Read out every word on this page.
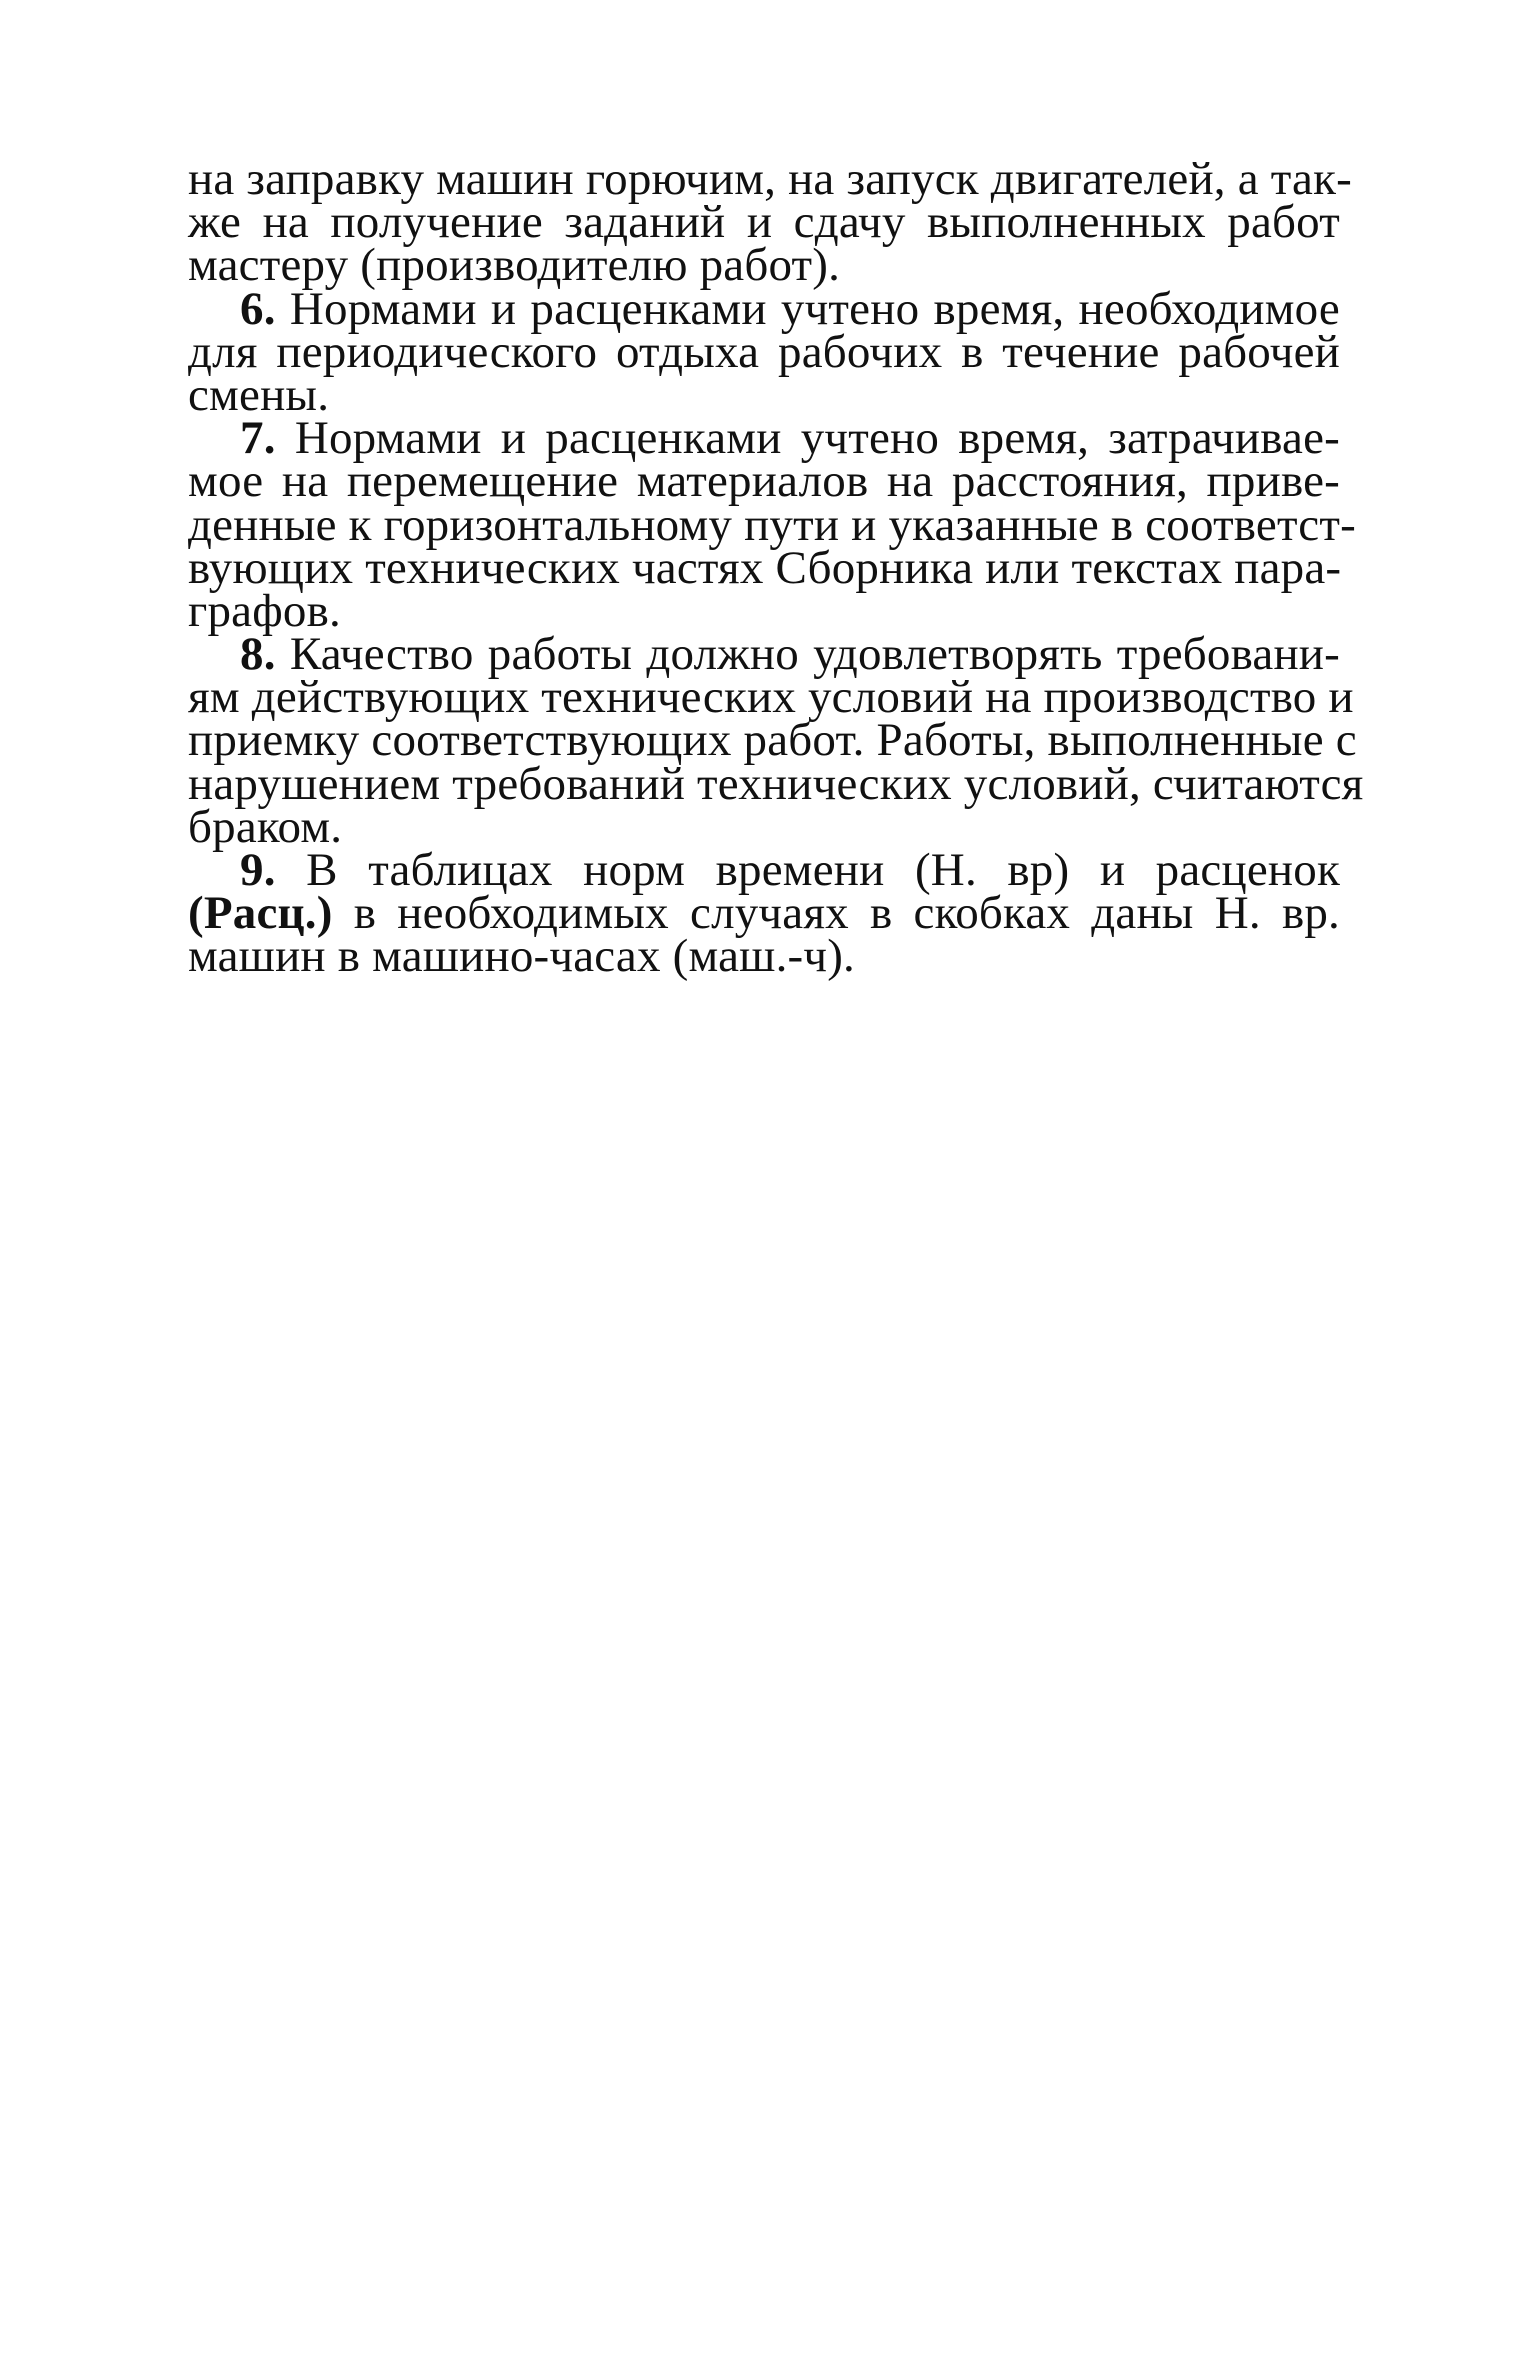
на заправку машин горючим, на запуск двигателей, а так-
же на получение заданий и сдачу выполненных работ
мастеру (производителю работ).
6. Нормами и расценками учтено время, необходимое
для периодического отдыха рабочих в течение рабочей
смены.
7. Нормами и расценками учтено время, затрачивае-
мое на перемещение материалов на расстояния, приве-
денные к горизонтальному пути и указанные в соответст-
вующих технических частях Сборника или текстах пара-
графов.
8. Качество работы должно удовлетворять требовани-
ям действующих технических условий на производство и
приемку соответствующих работ. Работы, выполненные с
нарушением требований технических условий, считаются
браком.
9. В таблицах норм времени (Н. вр) и расценок
(Расц.) в необходимых случаях в скобках даны Н. вр.
машин в машино-часах (маш.-ч).
